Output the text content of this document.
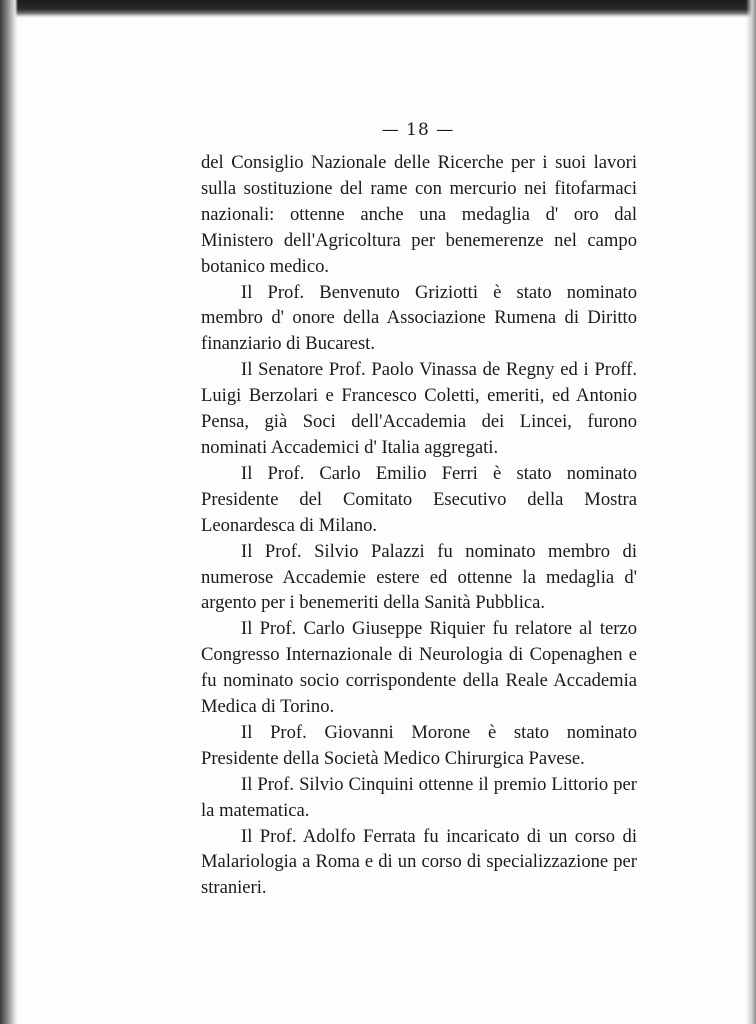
— 18 —

del Consiglio Nazionale delle Ricerche per i suoi lavori sulla sostituzione del rame con mercurio nei fitofarmaci nazionali: ottenne anche una medaglia d' oro dal Ministero dell'Agricoltura per benemerenze nel campo botanico medico.

Il Prof. Benvenuto Griziotti è stato nominato membro d' onore della Associazione Rumena di Diritto finanziario di Bucarest.

Il Senatore Prof. Paolo Vinassa de Regny ed i Proff. Luigi Berzolari e Francesco Coletti, emeriti, ed Antonio Pensa, già Soci dell'Accademia dei Lincei, furono nominati Accademici d' Italia aggregati.

Il Prof. Carlo Emilio Ferri è stato nominato Presidente del Comitato Esecutivo della Mostra Leonardesca di Milano.

Il Prof. Silvio Palazzi fu nominato membro di numerose Accademie estere ed ottenne la medaglia d' argento per i benemeriti della Sanità Pubblica.

Il Prof. Carlo Giuseppe Riquier fu relatore al terzo Congresso Internazionale di Neurologia di Copenaghen e fu nominato socio corrispondente della Reale Accademia Medica di Torino.

Il Prof. Giovanni Morone è stato nominato Presidente della Società Medico Chirurgica Pavese.

Il Prof. Silvio Cinquini ottenne il premio Littorio per la matematica.

Il Prof. Adolfo Ferrata fu incaricato di un corso di Malariologia a Roma e di un corso di specializzazione per stranieri.
